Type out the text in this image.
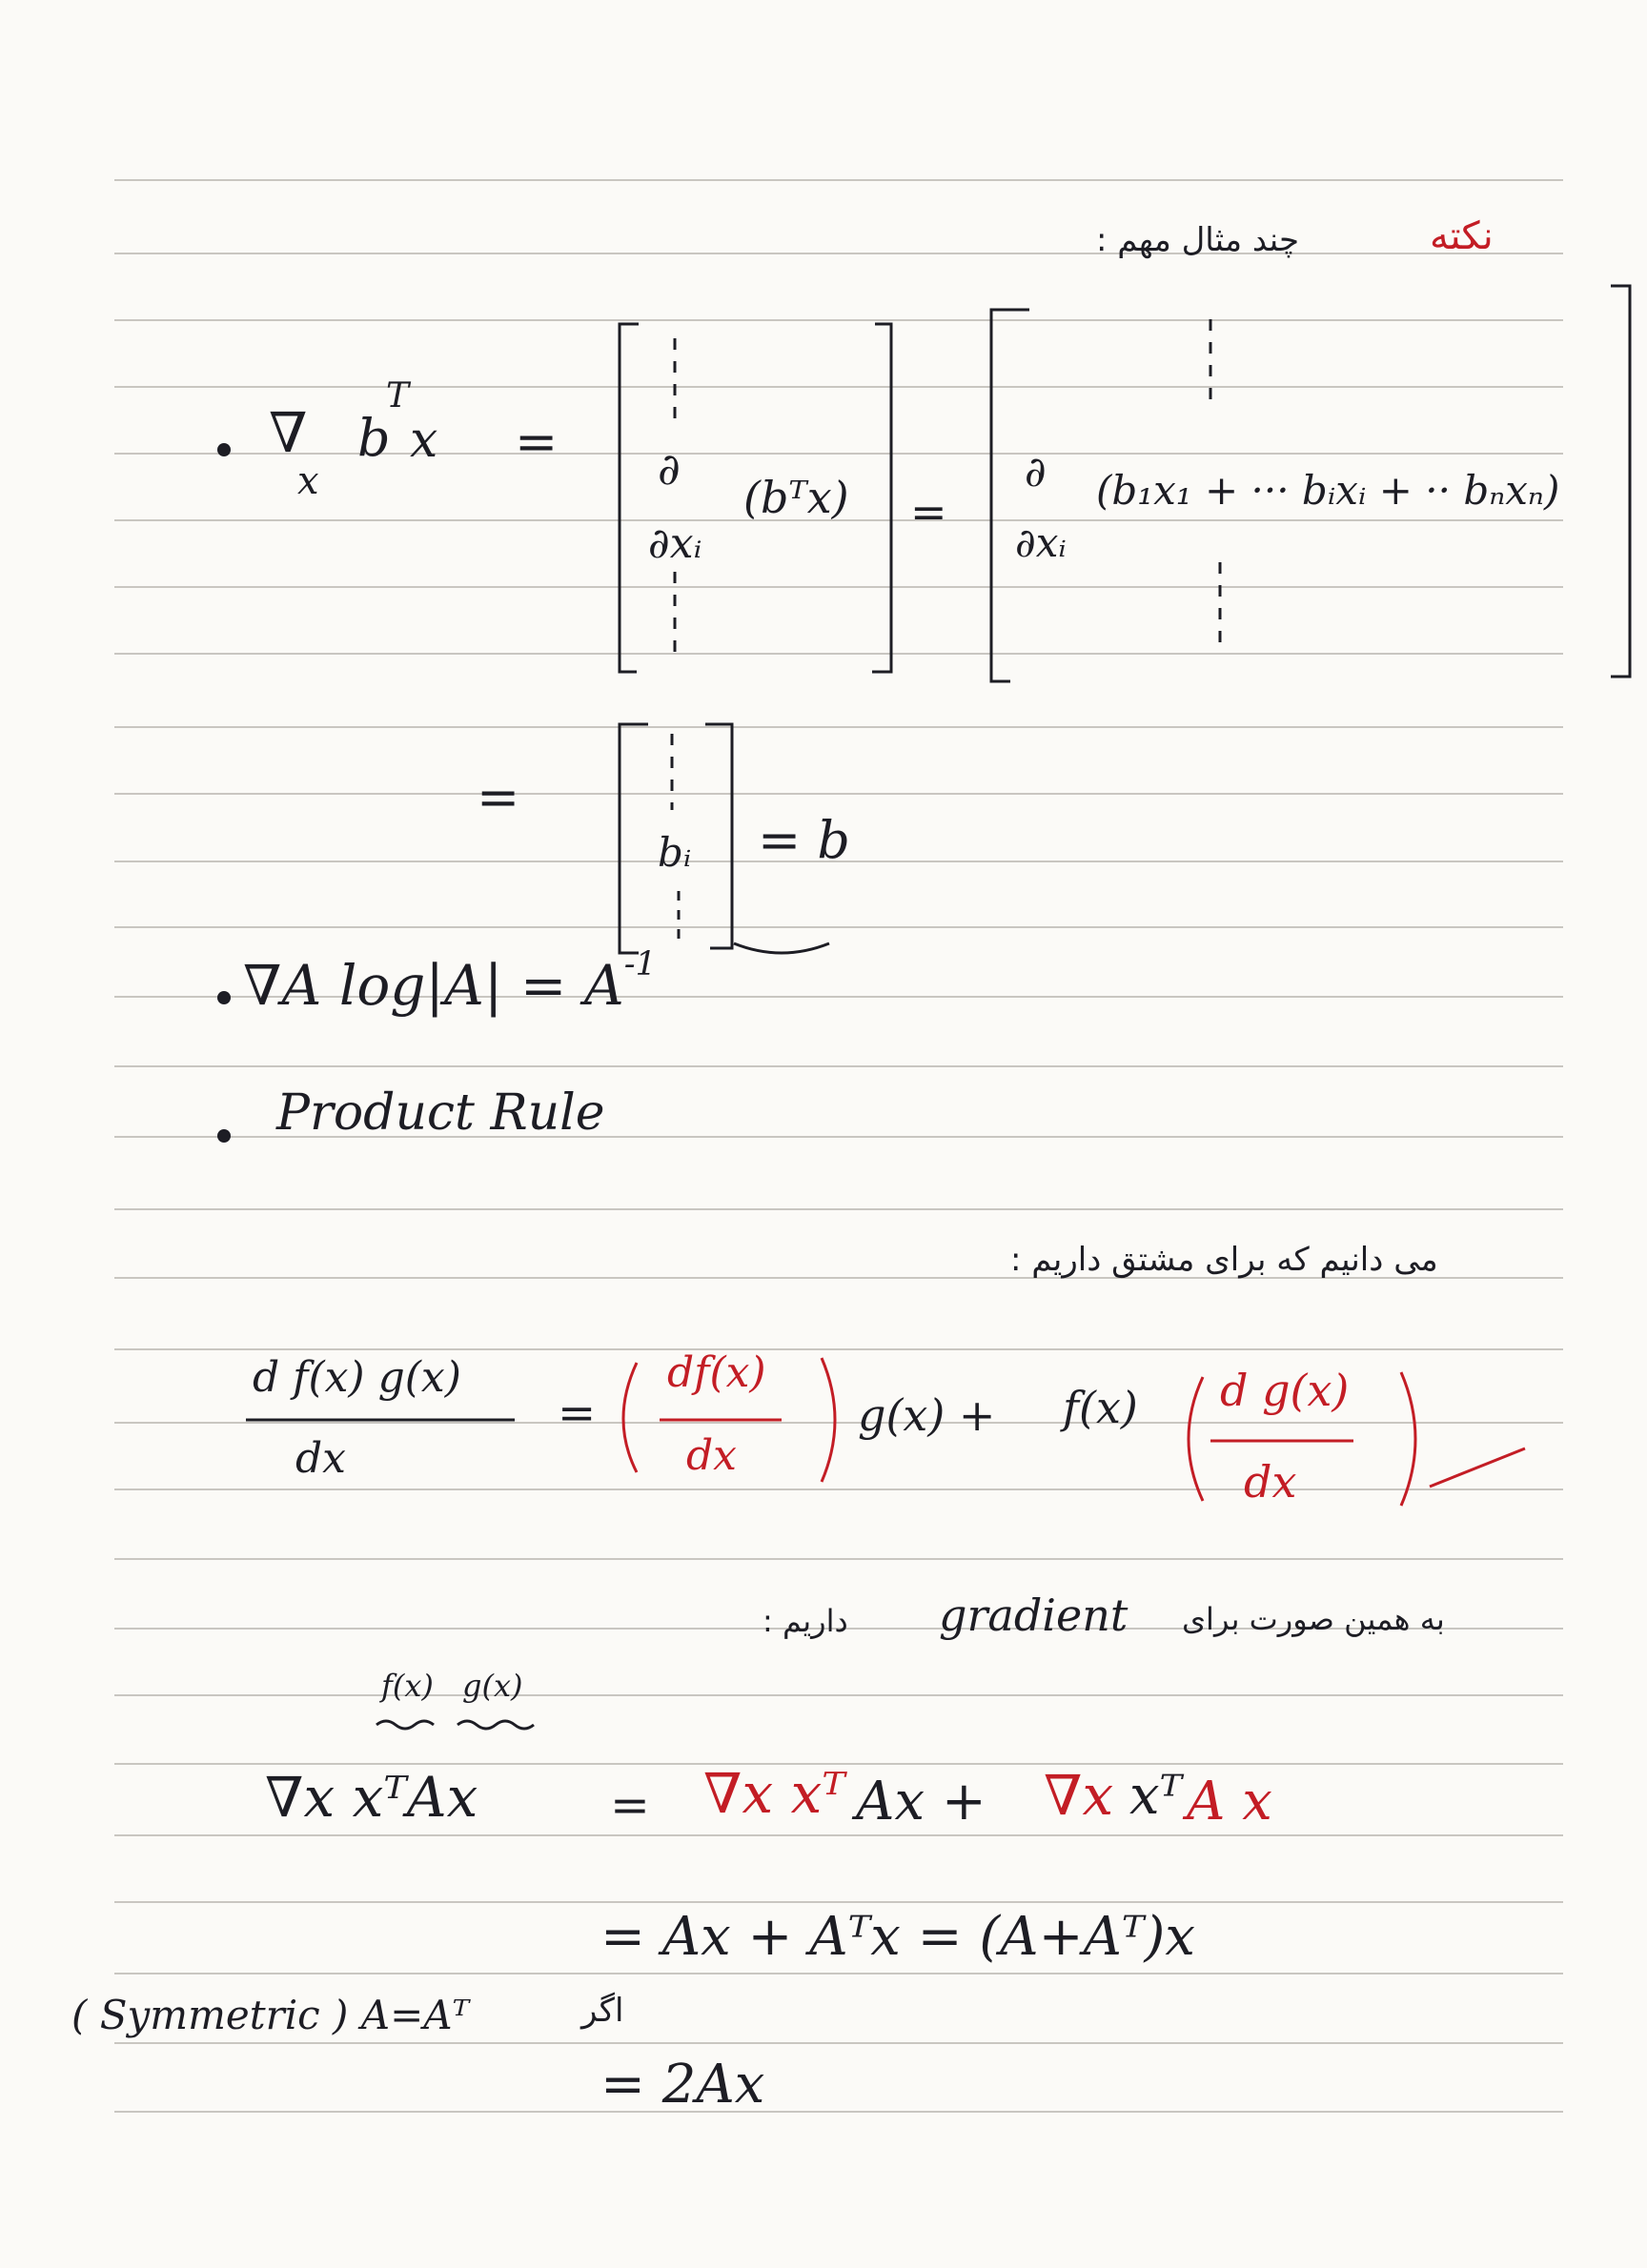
نکته
چند مثال مهم :
∇
x
b
T
x = ∂
∂xᵢ
(bᵀx) =
∂
∂xᵢ
(b₁x₁ + ··· bᵢxᵢ + ·· bₙxₙ)
=
bᵢ = b
∇A $\log|A| = A^{-1}$
Product Rule
می دانیم که برای مشتق داریم :
d f(x) g(x)
dx
=
df(x)
dx
g(x) + f(x) d g(x)
dx
به همین صورت برای
gradient
داریم :
f(x) g(x)
∇x xᵀAx	= ∇x xᵀ Ax + ∇x xᵀ A x
= Ax + Aᵀx = (A+Aᵀ)x
( Symmetric ) A=Aᵀ	اگر
= 2Ax
